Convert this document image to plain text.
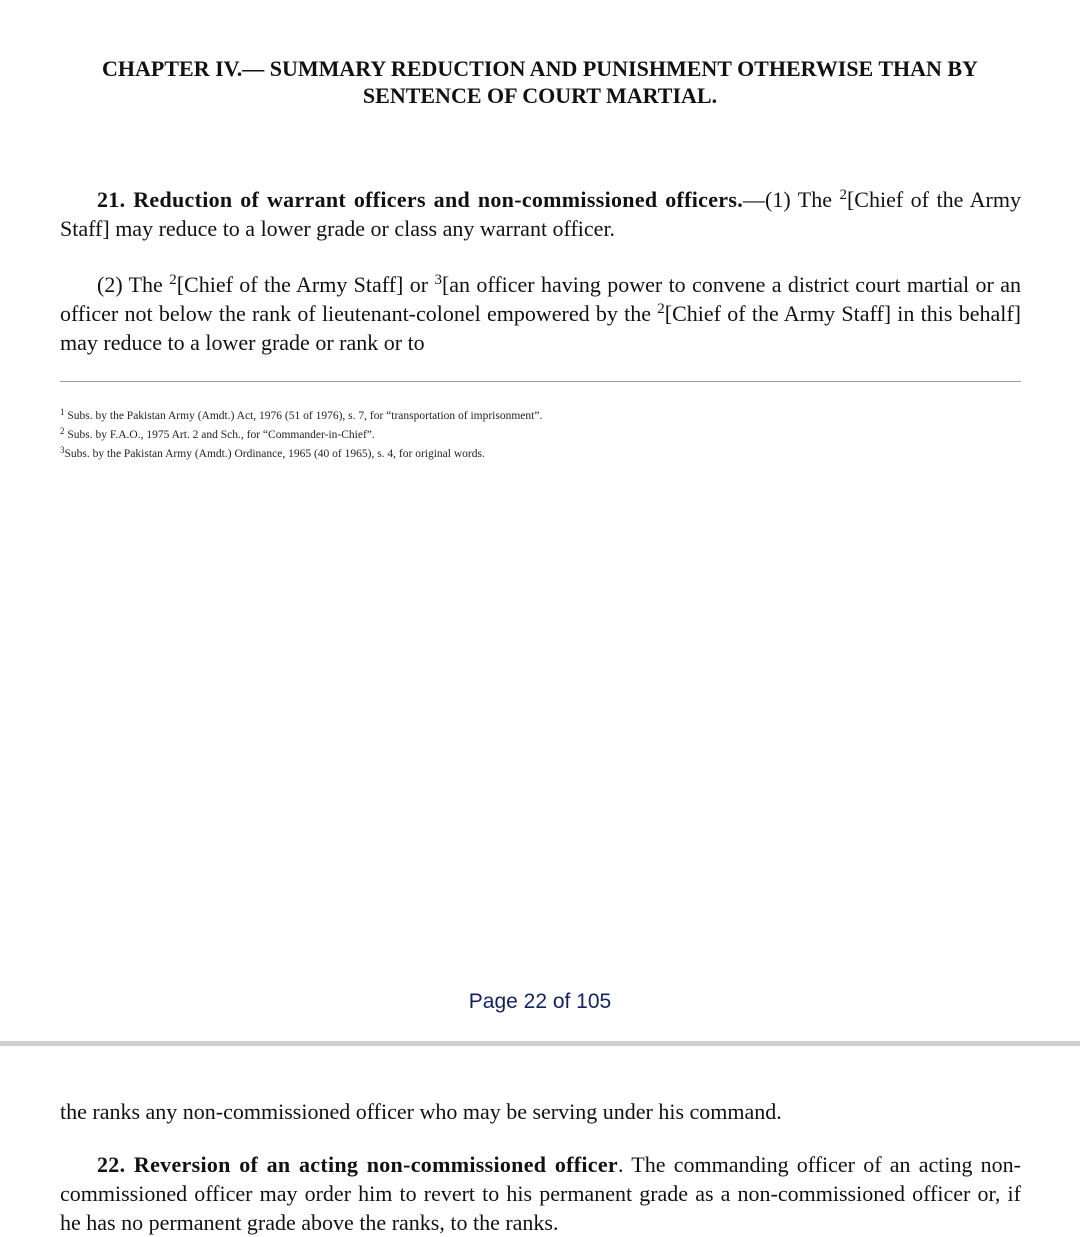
CHAPTER IV.— SUMMARY REDUCTION AND PUNISHMENT OTHERWISE THAN BY
SENTENCE OF COURT MARTIAL.

21. Reduction of warrant officers and non-commissioned officers.—(1) The $^2$[Chief of the Army Staff] may reduce to a lower grade or class any warrant officer.

(2) The $^2$[Chief of the Army Staff] or $^3$[an officer having power to convene a district court martial or an officer not below the rank of lieutenant-colonel empowered by the $^2$[Chief of the Army Staff] in this behalf] may reduce to a lower grade or rank or to

$^1$ Subs. by the Pakistan Army (Amdt.) Act, 1976 (51 of 1976), s. 7, for “transportation of imprisonment”.
$^2$ Subs. by F.A.O., 1975 Art. 2 and Sch., for “Commander-in-Chief”.
$^3$Subs. by the Pakistan Army (Amdt.) Ordinance, 1965 (40 of 1965), s. 4, for original words.
Page 22 of 105

the ranks any non-commissioned officer who may be serving under his command.

22. Reversion of an acting non-commissioned officer. The commanding officer of an acting non-commissioned officer may order him to revert to his permanent grade as a non-commissioned officer or, if he has no permanent grade above the ranks, to the ranks.
